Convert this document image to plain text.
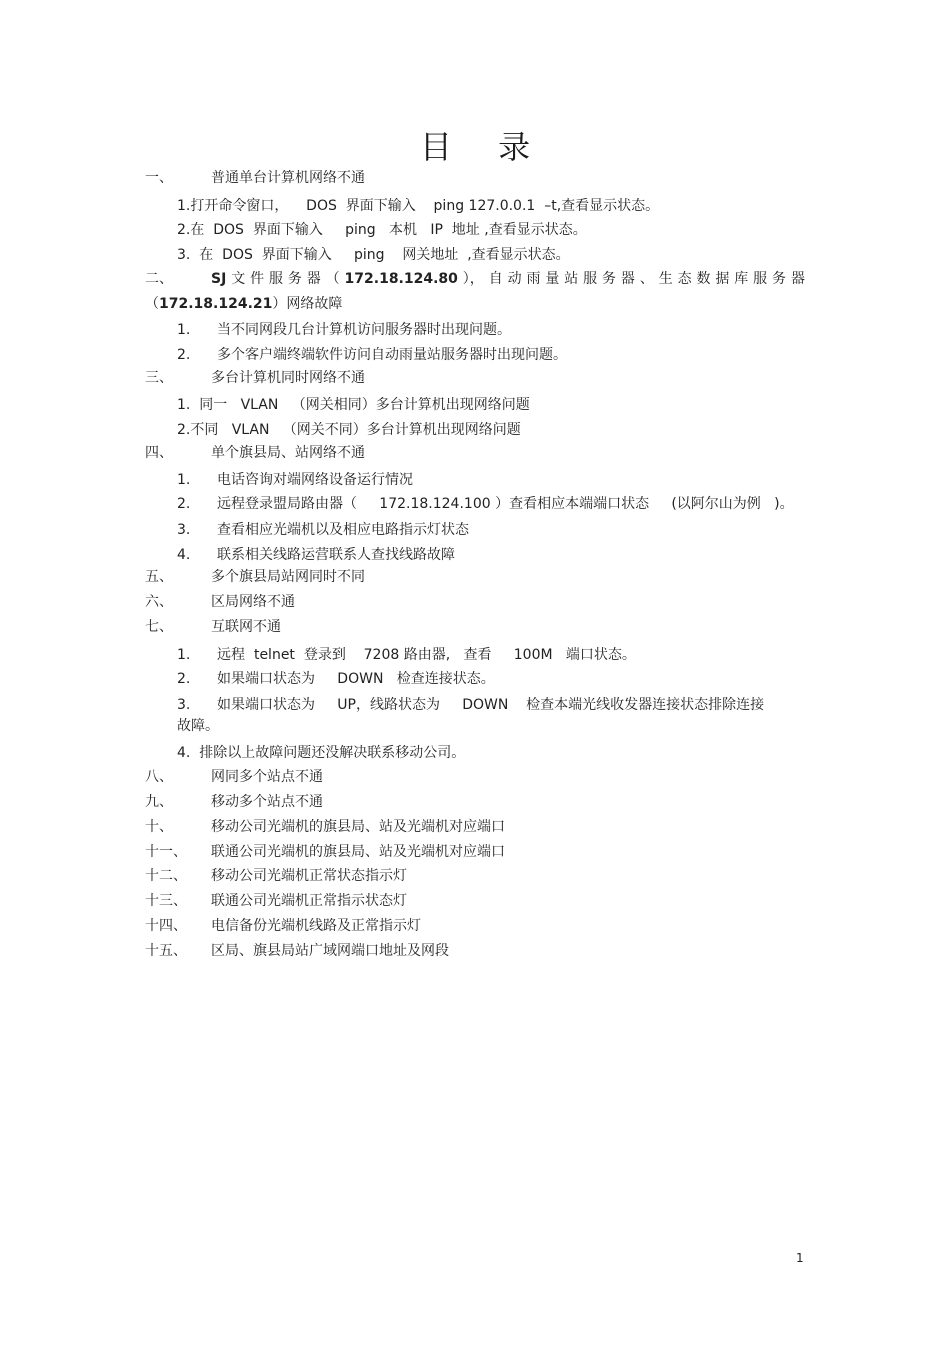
目 录
一、	普通单台计算机网络不通
1.打开命令窗口，    DOS  界面下输入    ping 127.0.0.1  –t,查看显示状态。
2.在  DOS  界面下输入     ping   本机   IP  地址 ,查看显示状态。
3.  在  DOS  界面下输入     ping    网关地址  ,查看显示状态。
二、	SJ 文 件 服 务 器 （ 172.18.124.80 ）， 自 动 雨 量 站 服 务 器 、 生 态 数 据 库 服 务 器
（172.18.124.21）网络故障
1.      当不同网段几台计算机访问服务器时出现问题。
2.      多个客户端终端软件访问自动雨量站服务器时出现问题。
三、	多台计算机同时网络不通
1.  同一   VLAN   （网关相同）多台计算机出现网络问题
2.不同   VLAN   （网关不同）多台计算机出现网络问题
四、	单个旗县局、站网络不通
1.      电话咨询对端网络设备运行情况
2.      远程登录盟局路由器（     172.18.124.100 ）查看相应本端端口状态     (以阿尔山为例   )。
3.      查看相应光端机以及相应电路指示灯状态
4.      联系相关线路运营联系人查找线路故障
五、	多个旗县局站网同时不同
六、	区局网络不通
七、	互联网不通
1.      远程  telnet  登录到    7208 路由器,   查看     100M   端口状态。
2.      如果端口状态为     DOWN   检查连接状态。
3.      如果端口状态为     UP，线路状态为     DOWN    检查本端光线收发器连接状态排除连接
故障。
4.  排除以上故障问题还没解决联系移动公司。
八、	网同多个站点不通
九、	移动多个站点不通
十、	移动公司光端机的旗县局、站及光端机对应端口
十一、 联通公司光端机的旗县局、站及光端机对应端口
十二、 移动公司光端机正常状态指示灯
十三、 联通公司光端机正常指示状态灯
十四、 电信备份光端机线路及正常指示灯
十五、 区局、旗县局站广域网端口地址及网段
1
